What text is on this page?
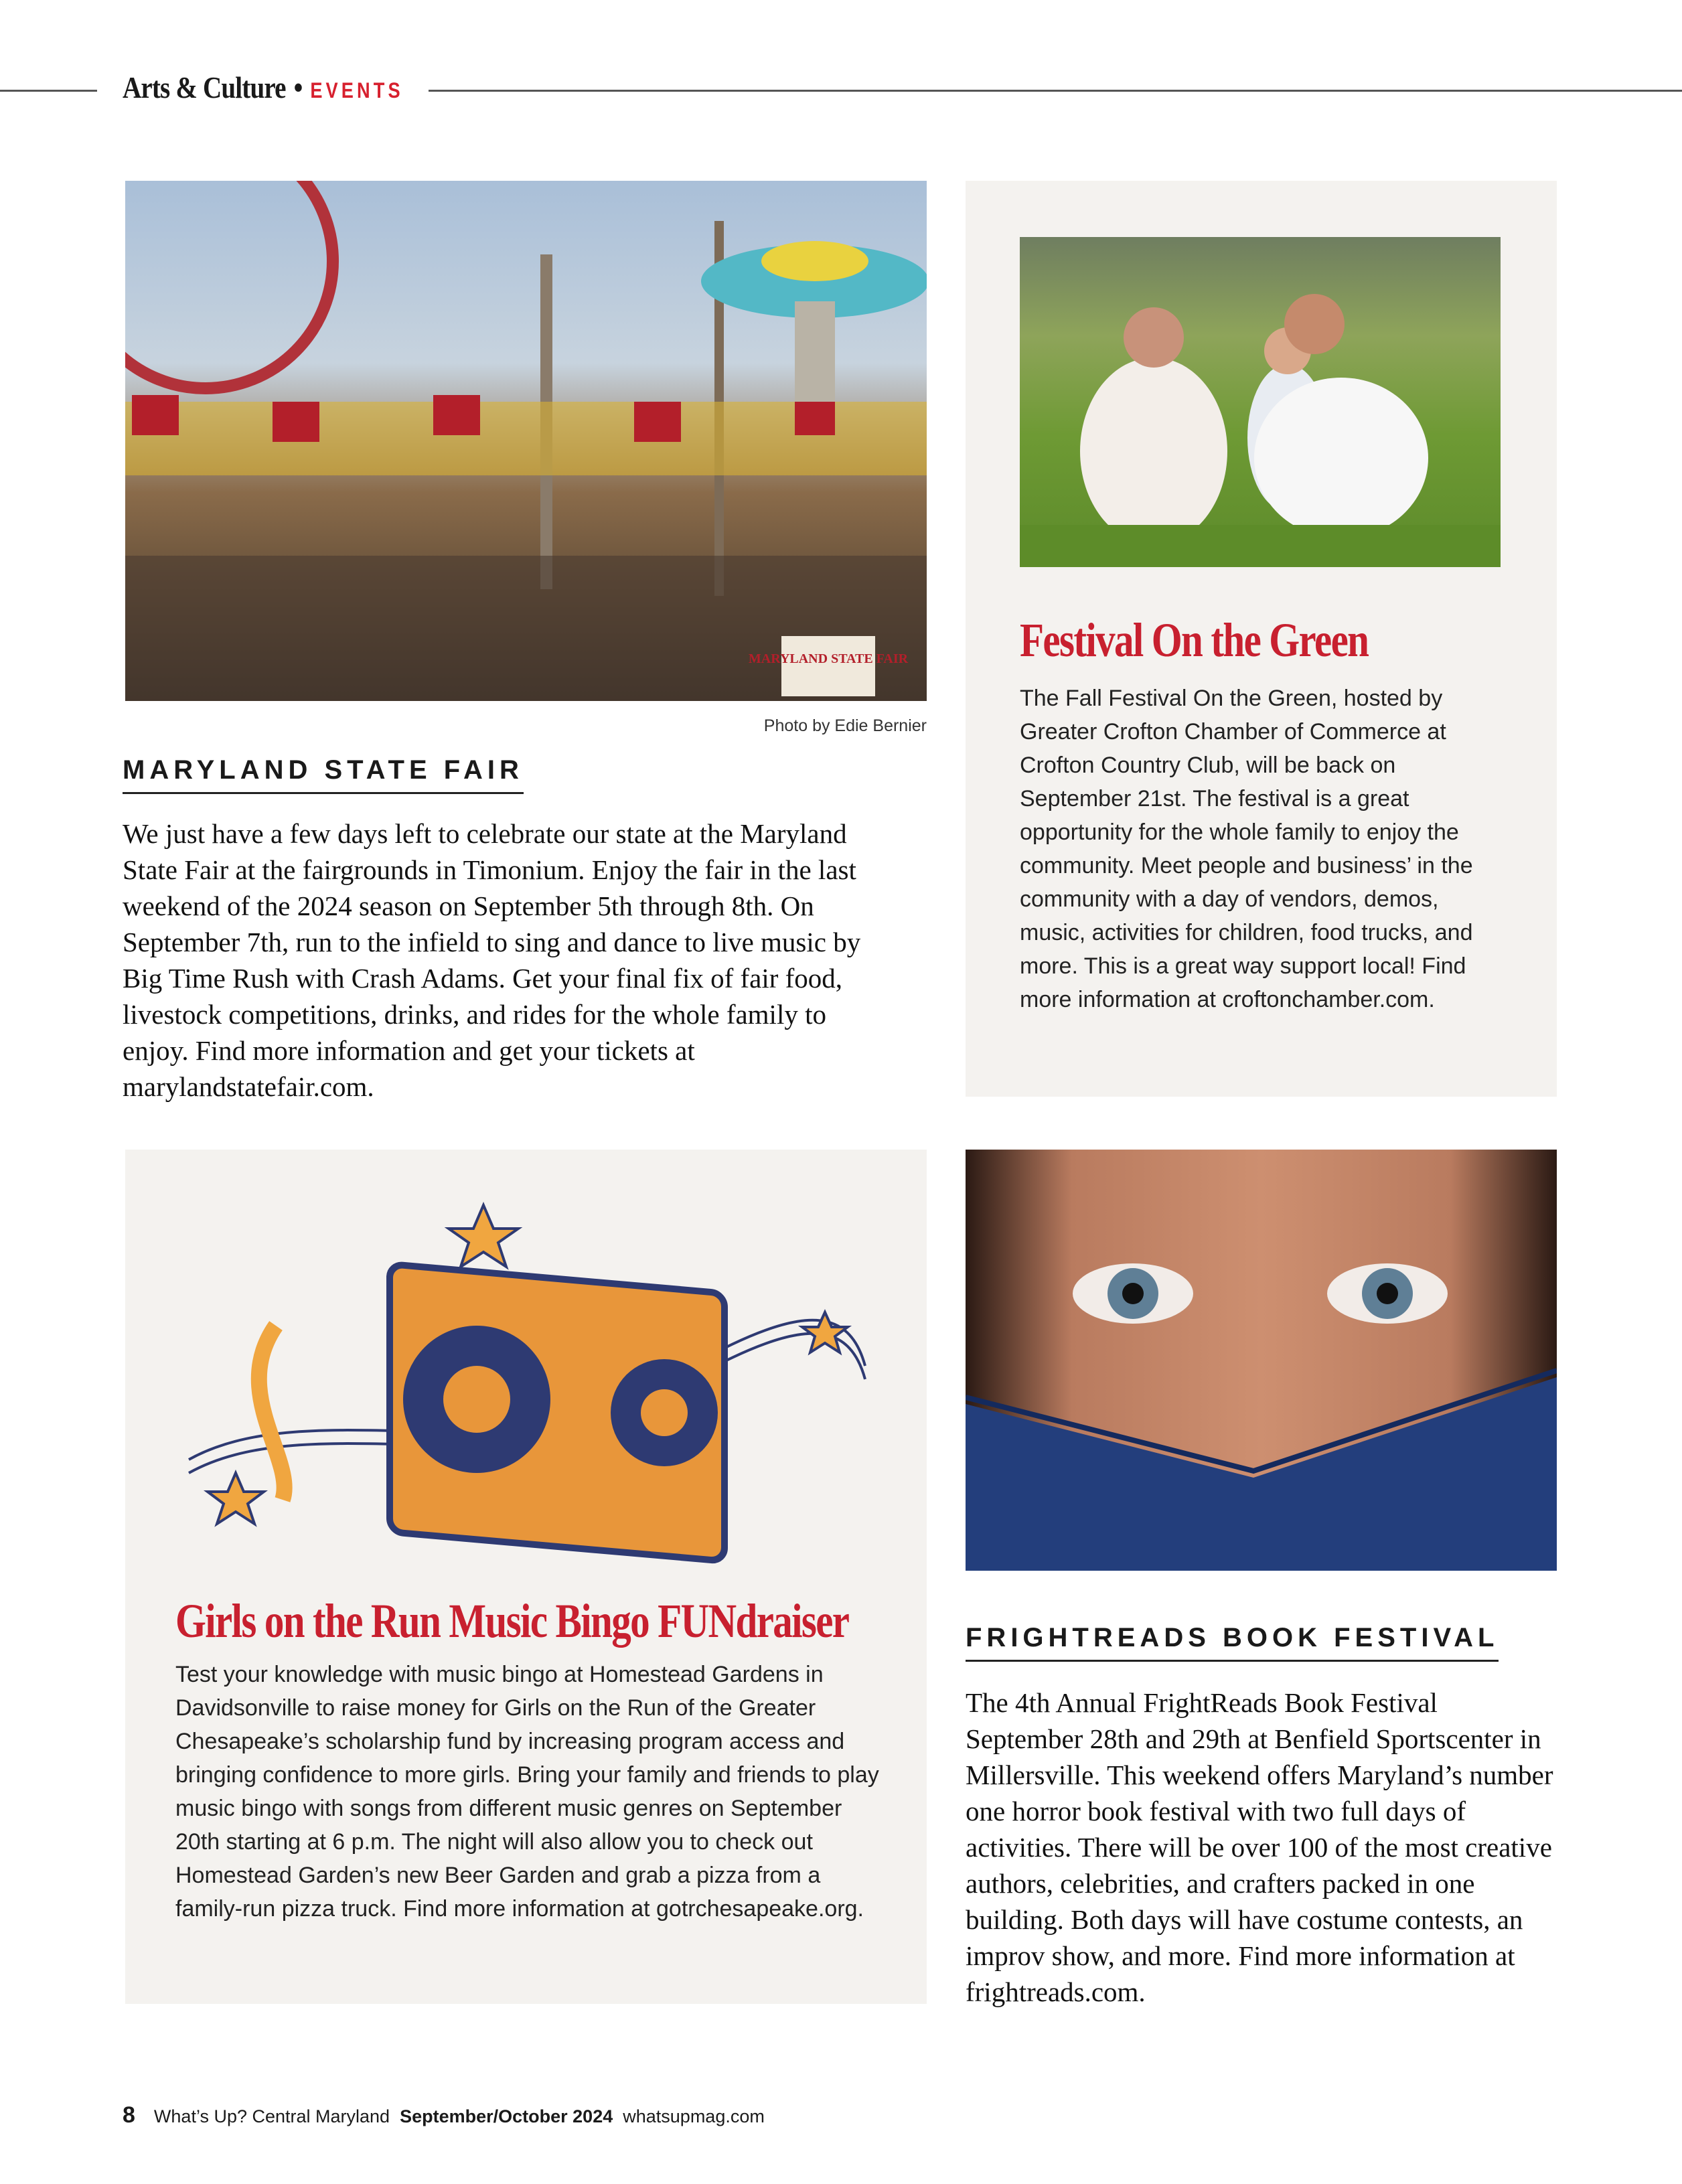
Arts & Culture • EVENTS
MARYLAND STATE FAIR
Photo by Edie Bernier
MARYLAND STATE FAIR
We just have a few days left to celebrate our state at the Maryland State Fair at the fairgrounds in Timonium. Enjoy the fair in the last weekend of the 2024 season on September 5th through 8th. On September 7th, run to the infield to sing and dance to live music by Big Time Rush with Crash Adams. Get your final fix of fair food, livestock competitions, drinks, and rides for the whole family to enjoy. Find more information and get your tickets at marylandstatefair.com.
Festival On the Green
The Fall Festival On the Green, hosted by Greater Crofton Chamber of Commerce at Crofton Country Club, will be back on September 21st. The festival is a great opportunity for the whole family to enjoy the community. Meet people and business’ in the community with a day of vendors, demos, music, activities for children, food trucks, and more. This is a great way support local! Find more information at croftonchamber.com.
Girls on the Run Music Bingo FUNdraiser
Test your knowledge with music bingo at Homestead Gardens in Davidsonville to raise money for Girls on the Run of the Greater Chesapeake’s scholarship fund by increasing program access and bringing confidence to more girls. Bring your family and friends to play music bingo with songs from different music genres on September 20th starting at 6 p.m. The night will also allow you to check out Homestead Garden’s new Beer Garden and grab a pizza from a family-run pizza truck. Find more information at gotrchesapeake.org.
FRIGHTREADS BOOK FESTIVAL
The 4th Annual FrightReads Book Festival September 28th and 29th at Benfield Sportscenter in Millersville. This weekend offers Maryland’s number one horror book festival with two full days of activities. There will be over 100 of the most creative authors, celebrities, and crafters packed in one building. Both days will have costume contests, an improv show, and more. Find more information at frightreads.com.
8 What’s Up? Central Maryland September/October 2024 whatsupmag.com
